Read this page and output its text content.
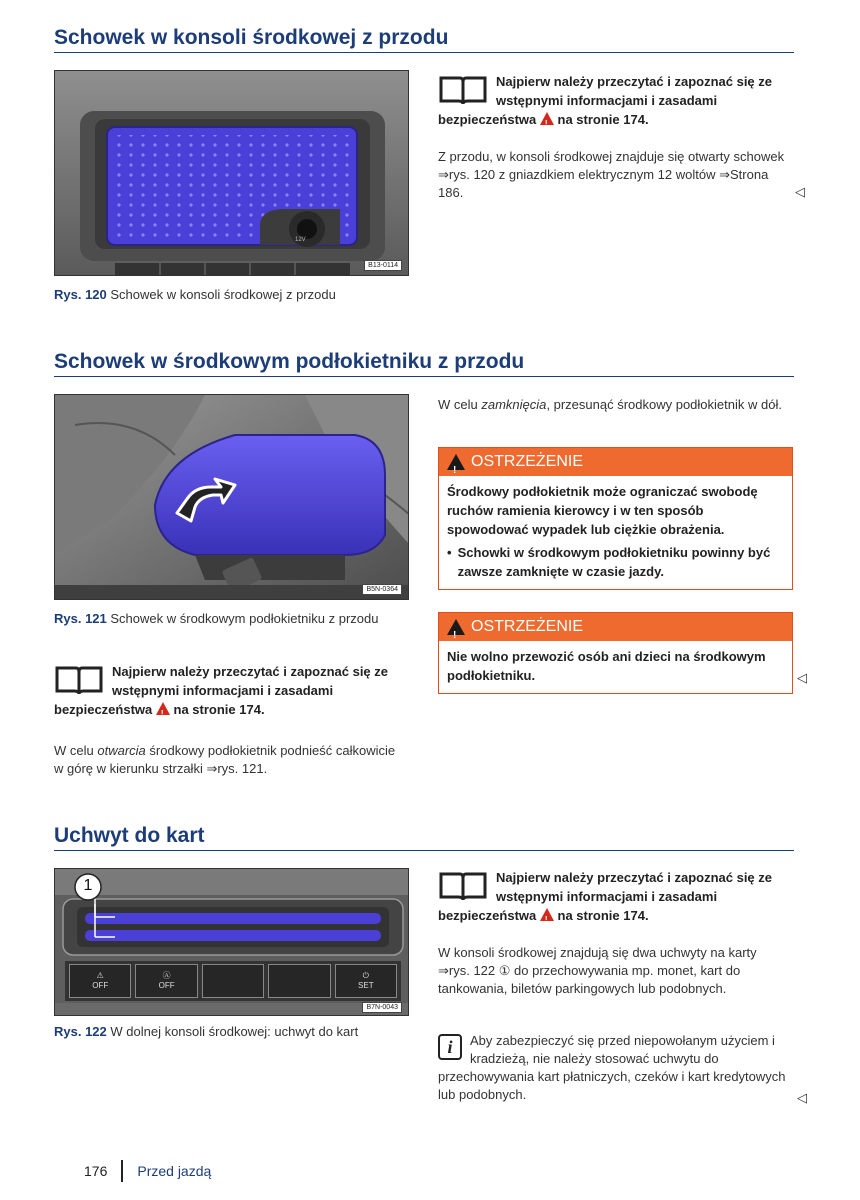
Schowek w konsoli środkowej z przodu
12V
B13-0114
Rys. 120 Schowek w konsoli środkowej z przodu
Najpierw należy przeczytać i zapoznać się ze wstępnymi informacjami i zasadami bezpieczeństwa ! na stronie 174.
Z przodu, w konsoli środkowej znajduje się otwarty schowek ⇒rys. 120 z gniazdkiem elektrycznym 12 woltów ⇒Strona 186.	◁
Schowek w środkowym podłokietniku z przodu
B5N-0364
Rys. 121 Schowek w środkowym podłokietniku z przodu
Najpierw należy przeczytać i zapoznać się ze wstępnymi informacjami i zasadami bezpieczeństwa ! na stronie 174.
W celu otwarcia środkowy podłokietnik podnieść całkowicie w górę w kierunku strzałki ⇒rys. 121.
W celu zamknięcia, przesunąć środkowy podłokietnik w dół.
!
OSTRZEŻENIE
Środkowy podłokietnik może ograniczać swobodę ruchów ramienia kierowcy i w ten sposób spowodować wypadek lub ciężkie obrażenia.
• Schowki w środkowym podłokietniku powinny być zawsze zamknięte w czasie jazdy.
!
OSTRZEŻENIE
Nie wolno przewozić osób ani dzieci na środkowym podłokietniku.	◁
Uchwyt do kart
1
⚠
OFF
Ⓐ
OFF
⏻
SET
B7N-0043
Rys. 122 W dolnej konsoli środkowej: uchwyt do kart
Najpierw należy przeczytać i zapoznać się ze wstępnymi informacjami i zasadami bezpieczeństwa ! na stronie 174.
W konsoli środkowej znajdują się dwa uchwyty na karty ⇒rys. 122 ① do przechowywania mp. monet, kart do tankowania, biletów parkingowych lub podobnych.
i	Aby zabezpieczyć się przed niepowołanym użyciem i kradzieżą, nie należy stosować uchwytu do przechowywania kart płatniczych, czeków i kart kredytowych lub podobnych.	◁
176 Przed jazdą
